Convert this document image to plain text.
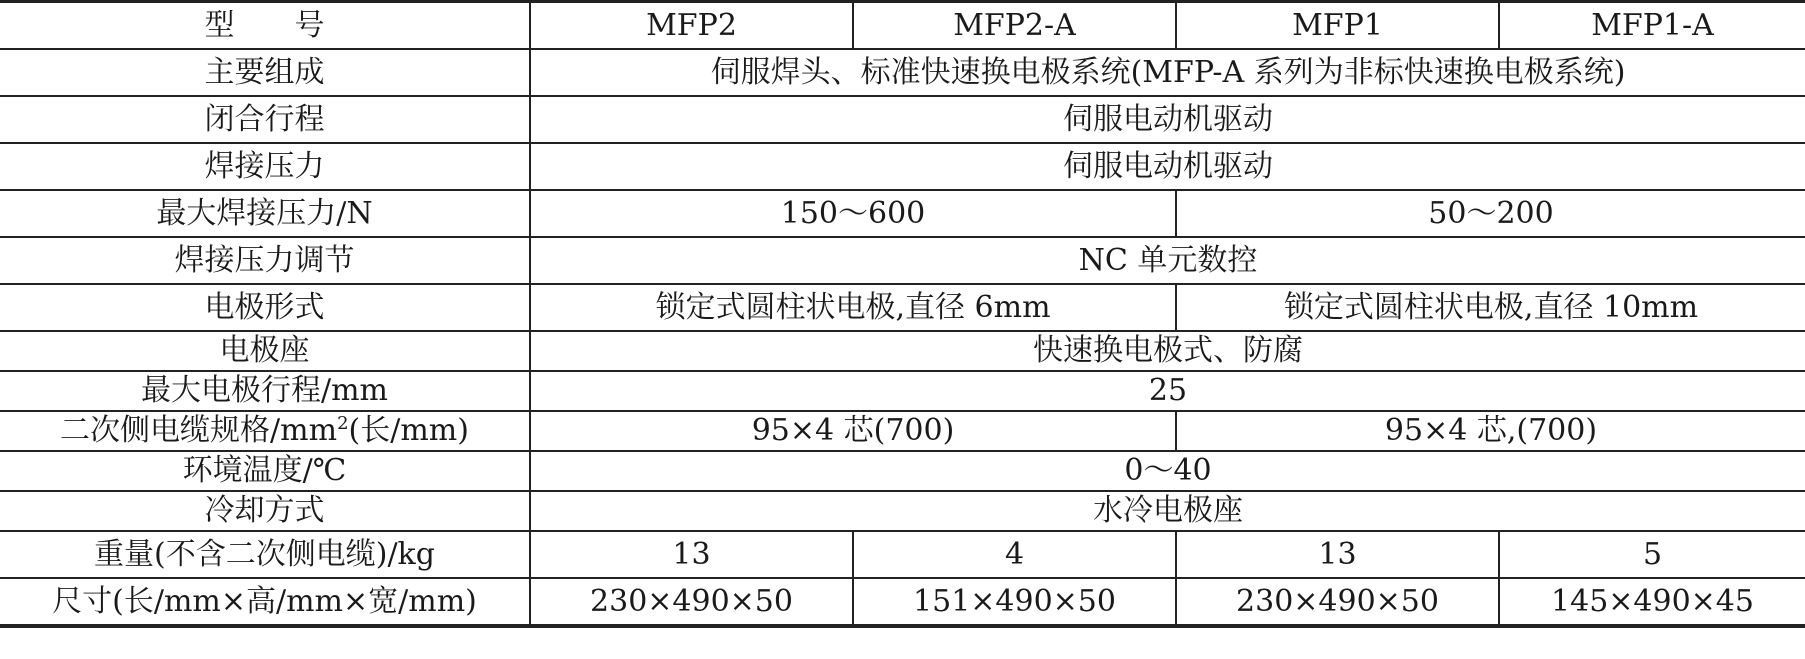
型　　号	MFP2	MFP2-A	MFP1	MFP1-A
主要组成	伺服焊头、标准快速换电极系统(MFP-A 系列为非标快速换电极系统)			
闭合行程	伺服电动机驱动			
焊接压力	伺服电动机驱动			
最大焊接压力/N	150～600		50～200	
焊接压力调节	NC 单元数控			
电极形式	锁定式圆柱状电极,直径 6mm		锁定式圆柱状电极,直径 10mm	
电极座	快速换电极式、防腐			
最大电极行程/mm	25			
二次侧电缆规格$/mm^2$(长/mm)	95×4 芯(700)		95×4 芯,(700)	
环境温度/℃	0～40			
冷却方式	水冷电极座			
重量(不含二次侧电缆)/kg	13	4	13	5
尺寸(长/mm×高/mm×宽/mm)	230×490×50	151×490×50	230×490×50	145×490×45
